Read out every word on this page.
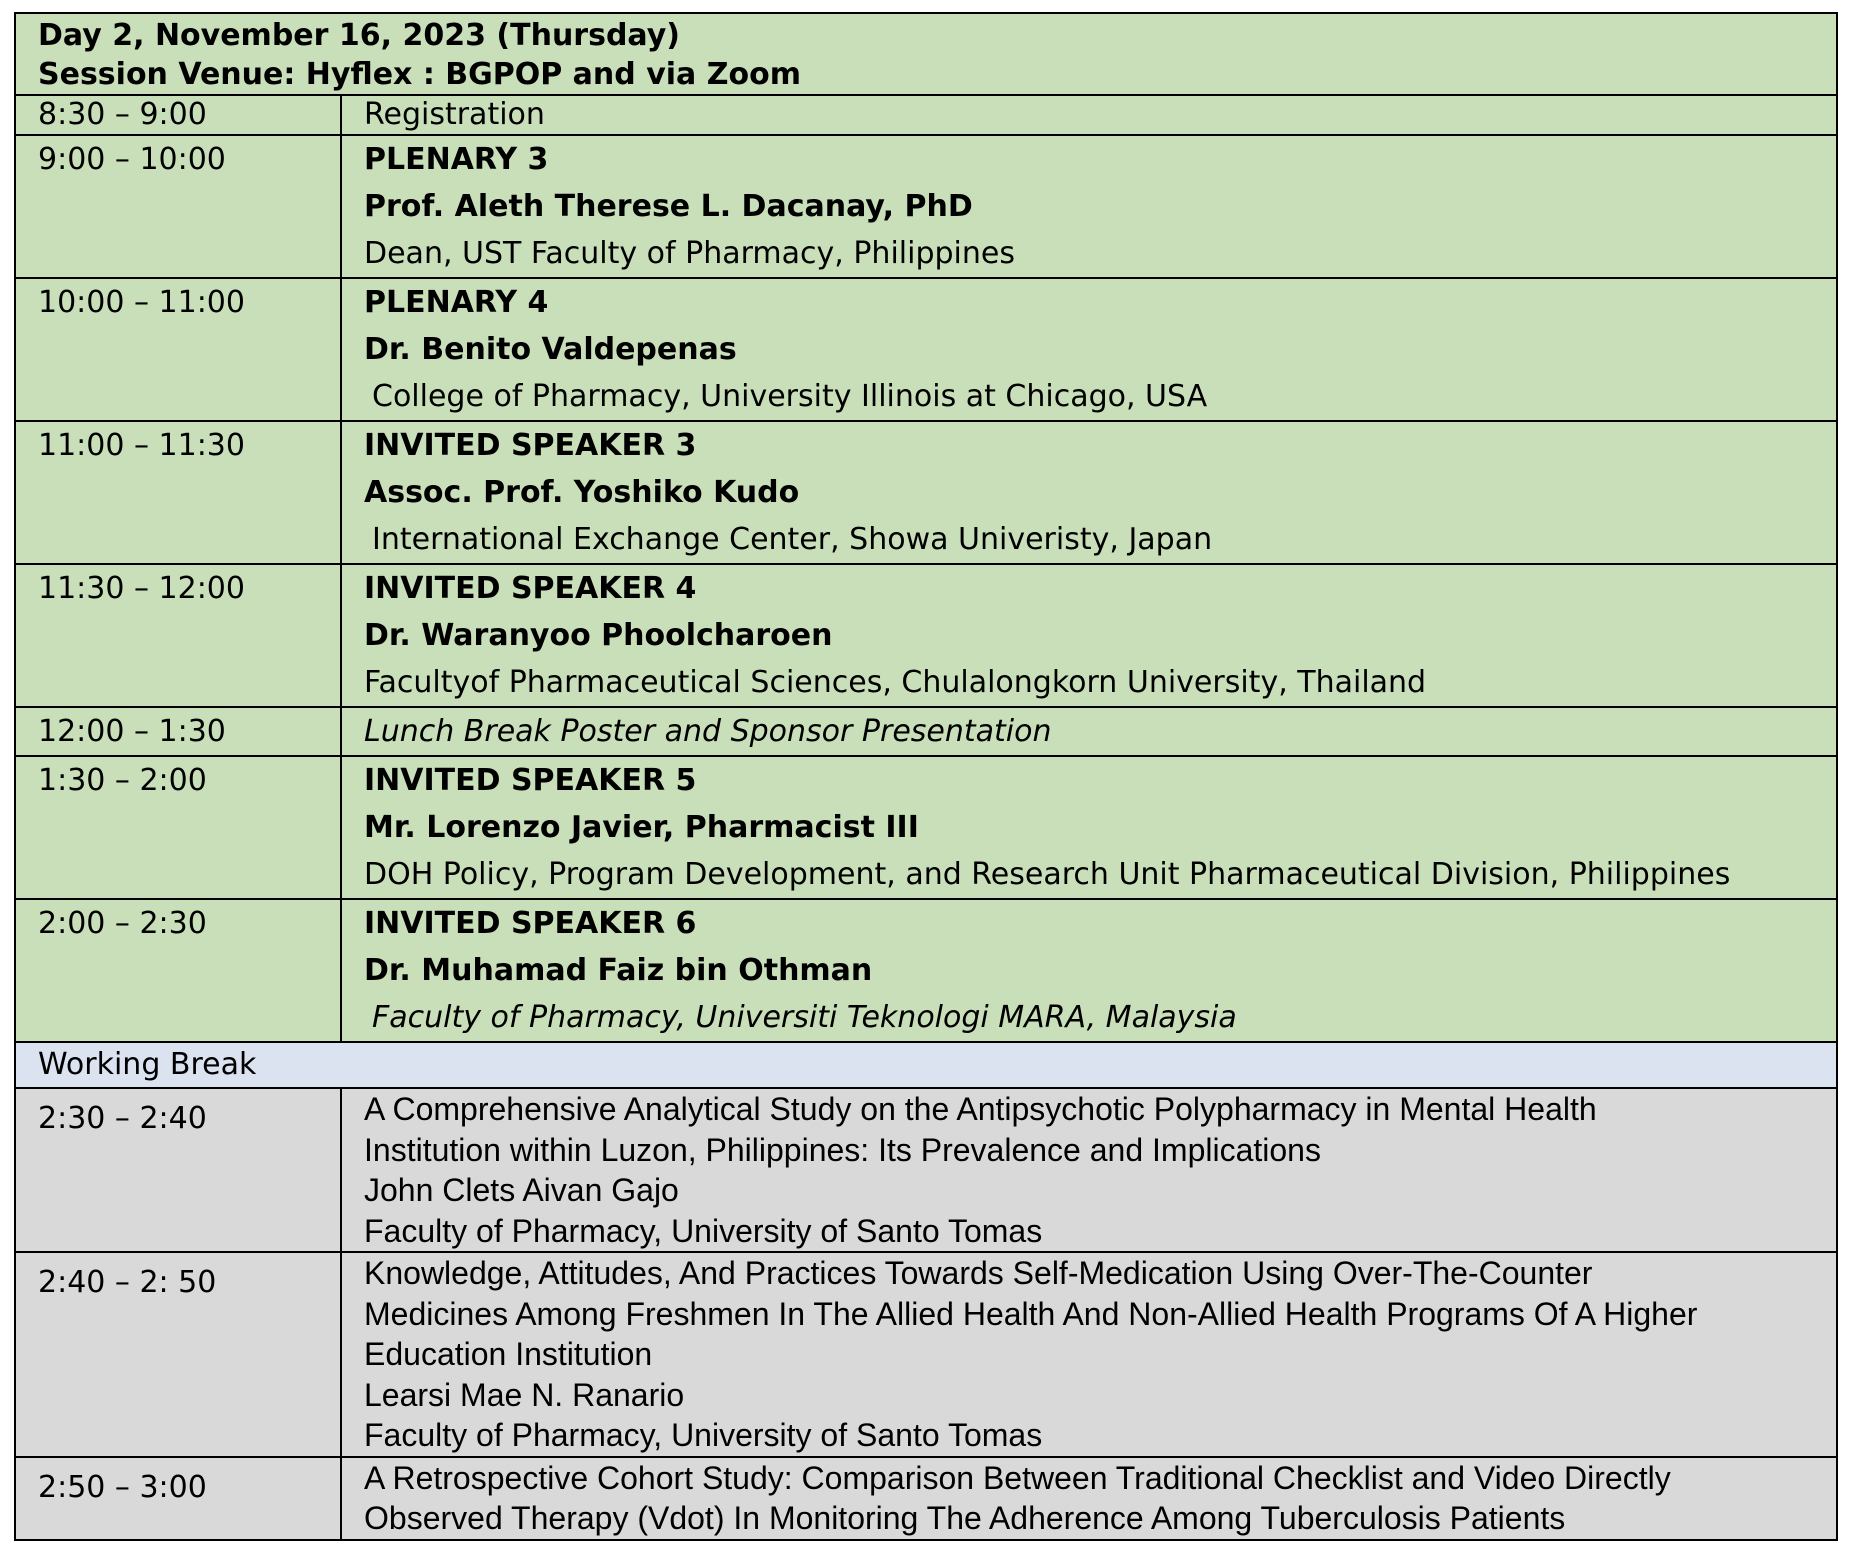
Day 2, November 16, 2023 (Thursday)
Session Venue: Hyflex : BGPOP and via Zoom	

8:30 – 9:00	Registration
9:00 – 10:00	PLENARY 3
Prof. Aleth Therese L. Dacanay, PhD
Dean, UST Faculty of Pharmacy, Philippines

10:00 – 11:00	PLENARY 4
Dr. Benito Valdepenas
College of Pharmacy, University Illinois at Chicago, USA

11:00 – 11:30	INVITED SPEAKER 3
Assoc. Prof. Yoshiko Kudo
International Exchange Center, Showa Univeristy, Japan

11:30 – 12:00	INVITED SPEAKER 4
Dr. Waranyoo Phoolcharoen
Facultyof Pharmaceutical Sciences, Chulalongkorn University, Thailand

12:00 – 1:30	Lunch Break Poster and Sponsor Presentation
1:30 – 2:00	INVITED SPEAKER 5
Mr. Lorenzo Javier, Pharmacist III
DOH Policy, Program Development, and Research Unit Pharmaceutical Division, Philippines

2:00 – 2:30	INVITED SPEAKER 6
Dr. Muhamad Faiz bin Othman
Faculty of Pharmacy, Universiti Teknologi MARA, Malaysia

Working Break	
2:30 – 2:40	A Comprehensive Analytical Study on the Antipsychotic Polypharmacy in Mental Health
Institution within Luzon, Philippines: Its Prevalence and Implications
John Clets Aivan Gajo
Faculty of Pharmacy, University of Santo Tomas

2:40 – 2: 50	Knowledge, Attitudes, And Practices Towards Self-Medication Using Over-The-Counter
Medicines Among Freshmen In The Allied Health And Non-Allied Health Programs Of A Higher
Education Institution
Learsi Mae N. Ranario
Faculty of Pharmacy, University of Santo Tomas

2:50 – 3:00	A Retrospective Cohort Study: Comparison Between Traditional Checklist and Video Directly
Observed Therapy (Vdot) In Monitoring The Adherence Among Tuberculosis Patients
